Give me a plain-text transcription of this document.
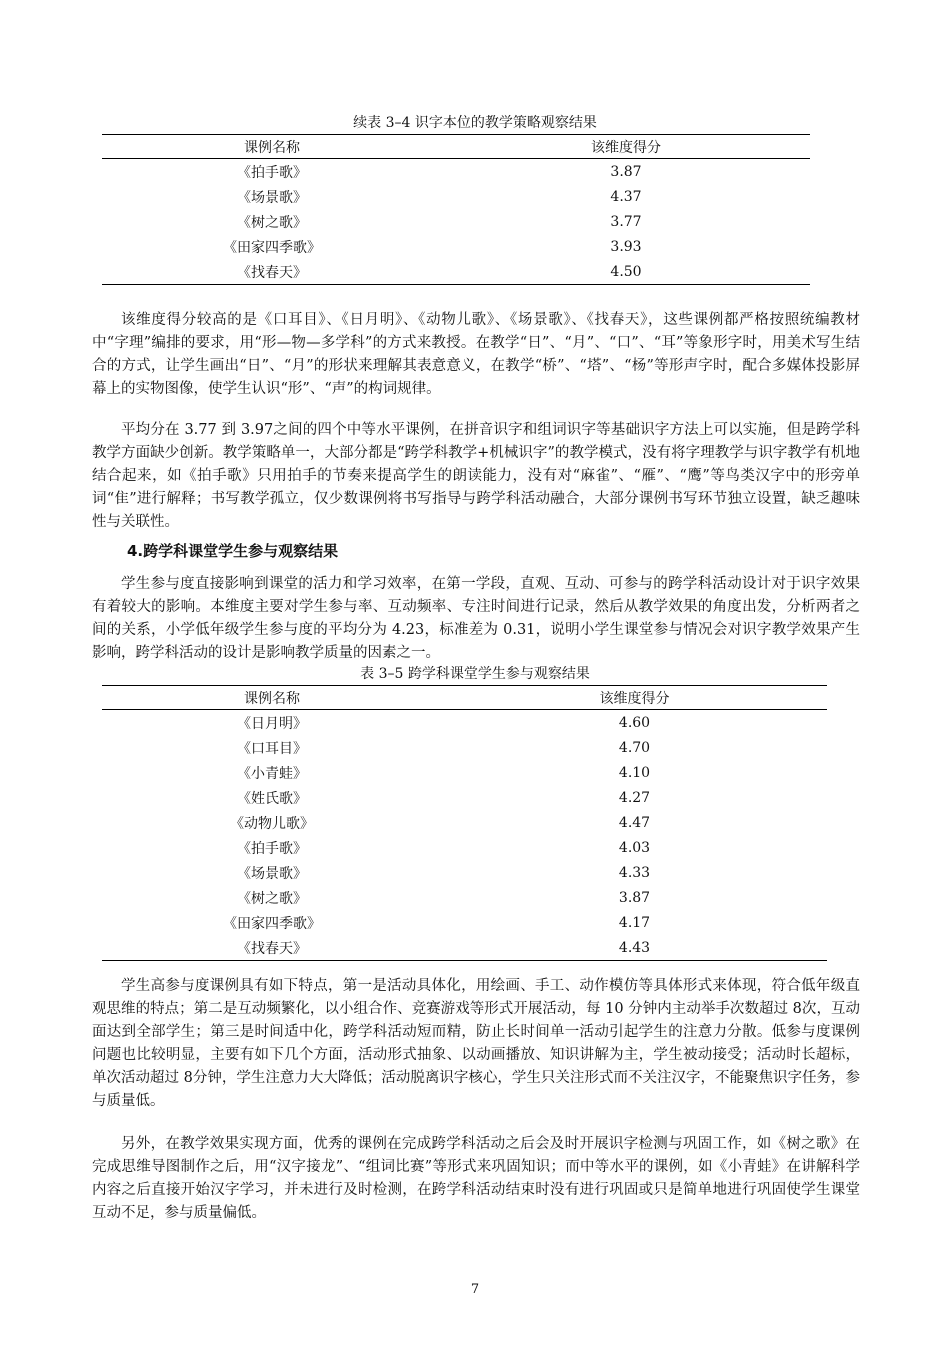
续表 3–4 识字本位的教学策略观察结果
课例名称	该维度得分
《拍手歌》	3.87
《场景歌》	4.37
《树之歌》	3.77
《田家四季歌》	3.93
《找春天》	4.50

该维度得分较高的是《口耳目》、《日月明》、《动物儿歌》、《场景歌》、《找春天》，这些课例都严格按照统编教材中“字理”编排的要求，用“形—物—多学科”的方式来教授。在教学“日”、“月”、“口”、“耳”等象形字时，用美术写生结合的方式，让学生画出“日”、“月”的形状来理解其表意意义，在教学“桥”、“塔”、“杨”等形声字时，配合多媒体投影屏幕上的实物图像，使学生认识“形”、“声”的构词规律。

平均分在 3.77 到 3.97之间的四个中等水平课例，在拼音识字和组词识字等基础识字方法上可以实施，但是跨学科教学方面缺少创新。教学策略单一，大部分都是“跨学科教学+机械识字”的教学模式，没有将字理教学与识字教学有机地结合起来，如《拍手歌》只用拍手的节奏来提高学生的朗读能力，没有对“麻雀”、“雁”、“鹰”等鸟类汉字中的形旁单词“隹”进行解释；书写教学孤立，仅少数课例将书写指导与跨学科活动融合，大部分课例书写环节独立设置，缺乏趣味性与关联性。

4.跨学科课堂学生参与观察结果

学生参与度直接影响到课堂的活力和学习效率，在第一学段，直观、互动、可参与的跨学科活动设计对于识字效果有着较大的影响。本维度主要对学生参与率、互动频率、专注时间进行记录，然后从教学效果的角度出发，分析两者之间的关系，小学低年级学生参与度的平均分为 4.23，标准差为 0.31，说明小学生课堂参与情况会对识字教学效果产生影响，跨学科活动的设计是影响教学质量的因素之一。

表 3–5 跨学科课堂学生参与观察结果
课例名称	该维度得分
《日月明》	4.60
《口耳目》	4.70
《小青蛙》	4.10
《姓氏歌》	4.27
《动物儿歌》	4.47
《拍手歌》	4.03
《场景歌》	4.33
《树之歌》	3.87
《田家四季歌》	4.17
《找春天》	4.43

学生高参与度课例具有如下特点，第一是活动具体化，用绘画、手工、动作模仿等具体形式来体现，符合低年级直观思维的特点；第二是互动频繁化，以小组合作、竞赛游戏等形式开展活动，每 10 分钟内主动举手次数超过 8次，互动面达到全部学生；第三是时间适中化，跨学科活动短而精，防止长时间单一活动引起学生的注意力分散。低参与度课例问题也比较明显，主要有如下几个方面，活动形式抽象、以动画播放、知识讲解为主，学生被动接受；活动时长超标，单次活动超过 8分钟，学生注意力大大降低；活动脱离识字核心，学生只关注形式而不关注汉字，不能聚焦识字任务，参与质量低。

另外，在教学效果实现方面，优秀的课例在完成跨学科活动之后会及时开展识字检测与巩固工作，如《树之歌》在完成思维导图制作之后，用“汉字接龙”、“组词比赛”等形式来巩固知识；而中等水平的课例，如《小青蛙》在讲解科学内容之后直接开始汉字学习，并未进行及时检测，在跨学科活动结束时没有进行巩固或只是简单地进行巩固使学生课堂互动不足，参与质量偏低。

7
